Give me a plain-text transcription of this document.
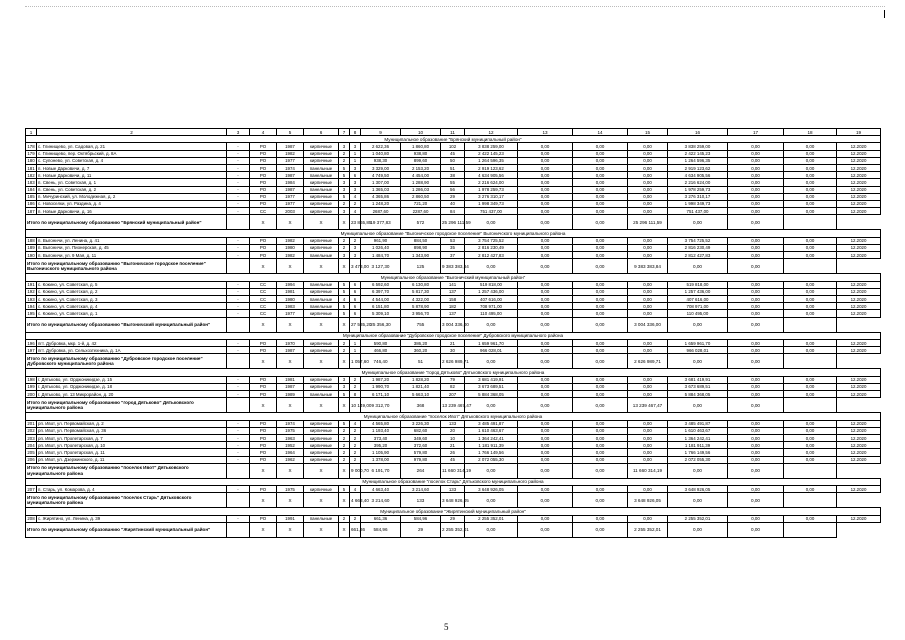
1	2	3	4	5	6	7	8	9	10	11	12	13	14	15	16	17	18	19
Муниципальное образование "Брянский муниципальный район"																		
178	с. Глинищево, ул. Садовая, д. 21	-	РО	1987	кирпичные	3	3	2 622,36	1 860,80	102	3 838 259,00	0,00	0,00	0,00	3 838 259,00	0,00	0,00	12.2020
179	с. Глинищево, пер. Октябрьский, д. 8А	-	РО	1982	кирпичные	2	1	1 040,80	938,80	45	2 422 145,23	0,00	0,00	0,00	2 422 145,23	0,00	0,00	12.2020
180	с. Супонево, ул. Советская, д. 4	-	РО	1977	кирпичные	2	1	938,30	899,60	50	1 264 596,35	0,00	0,00	0,00	1 264 596,35	0,00	0,00	12.2020
181	п. Новые Дарковичи, д. 7	-	РО	1974	панельные	5	3	3 329,00	2 153,20	51	2 919 123,62	0,00	0,00	0,00	2 919 123,62	0,00	0,00	12.2020
182	п. Новые Дарковичи, д. 11	-	РО	1987	панельные	5	6	4 749,50	4 454,00	38	4 634 905,56	0,00	0,00	0,00	4 634 905,56	0,00	0,00	12.2020
183	п. Свень, ул. Советская, д. 1	-	РО	1984	кирпичные	3	3	1 307,00	1 288,90	55	2 216 624,00	0,00	0,00	0,00	2 216 624,00	0,00	0,00	12.2020
184	п. Свень, ул. Советская, д. 2	-	РО	1987	панельные	3	3	1 365,03	1 286,03	56	1 978 259,73	0,00	0,00	0,00	1 978 259,73	0,00	0,00	12.2020
185	п. Мичуринский, ул. Молодежная, д. 2	-	РО	1977	кирпичные	5	4	4 365,86	2 860,50	29	3 276 310,17	0,00	0,00	0,00	3 276 310,17	0,00	0,00	12.2020
186	с. Новоселки, ул. Раздина, д. 4	-	РО	1977	кирпичные	2	2	1 248,20	721,20	40	1 998 349,73	0,00	0,00	0,00	1 998 349,73	0,00	0,00	12.2020
187	п. Новые Дарковичи, д. 16	-	СС	2003	кирпичные	3	4	2687,60	2287,60	84	751 437,00	0,00	0,00	0,00	751 437,00	0,00	0,00	12.2020
Итого по муниципальному образованию "Брянский муниципальный район"			X	X	X	X	23 865,85	19 377,83	572	25 296 111,59	0,00	0,00	0,00	25 296 111,59	0,00	0,00		
Муниципальное образование "Выгоничское городское поселение" Выгоничского муниципального района																		
188	п. Выгоничи, ул. Ленина, д. 41	-	РО	1982	кирпичные	2	2	961,90	884,50	53	3 754 725,52	0,00	0,00	0,00	3 754 725,52	0,00	0,00	12.2020
189	п. Выгоничи, ул. Пионерская, д. 45	-	РО	1980	кирпичные	2	3	1 026,40	898,90	35	2 816 230,49	0,00	0,00	0,00	2 816 230,49	0,00	0,00	12.2020
190	п. Выгоничи, ул. 9 Мая, д. 11	-	РО	1982	панельные	3	3	1 484,70	1 343,90	37	2 812 427,83	0,00	0,00	0,00	2 812 427,83	0,00	0,00	12.2020
Итого по муниципальному образованию "Выгоничское городское поселение" Выгоничского муниципального района			X	X	X	X	3 473,00	3 127,30	125	9 383 383,84	0,00	0,00	0,00	9 383 383,84	0,00	0,00		
Муниципальное образование "Выгоничский муниципальный район"																		
191	с. Кокино, ул. Советская, д. 5	-	СС	1994	панельные	5	6	6 592,60	6 130,80	141	519 818,00	0,00	0,00	0,00	519 818,00	0,00	0,00	12.2020
192	с. Кокино, ул. Советская, д. 2	-	СС	1981	кирпичные	5	6	6 397,70	5 817,30	137	1 257 436,00	0,00	0,00	0,00	1 257 436,00	0,00	0,00	12.2020
193	с. Кокино, ул. Советская, д. 3	-	СС	1980	панельные	4	6	4 544,00	4 322,00	158	407 616,00	0,00	0,00	0,00	407 616,00	0,00	0,00	12.2020
194	с. Кокино, ул. Советская, д. 4	-	СС	1983	панельные	5	6	6 151,80	5 878,90	182	708 971,00	0,00	0,00	0,00	708 971,00	0,00	0,00	12.2020
195	с. Кокино, ул. Советская, д. 1	-	СС	1977	кирпичные	5	6	5 309,10	3 956,70	137	110 495,00	0,00	0,00	0,00	110 495,00	0,00	0,00	12.2020
Итого по муниципальному образованию "Выгоничский муниципальный район"			X	X	X	X	27 535,20	25 356,30	755	3 004 336,00	0,00	0,00	0,00	3 004 336,00	0,00	0,00		
Муниципальное образование "Дубровское городское поселение" Дубровского муниципального района																		
196	пгт. Дубровка, мкр. 1-й, д. 42	-	РО	1970	кирпичные	2	1	590,80	386,20	21	1 659 961,70	0,00	0,00	0,00	1 659 961,70	0,00	0,00	12.2020
197	пгт. Дубровка, ул. Сельхозтехника, д. 1А	-	РО	1987	кирпичные	2	1	466,80	360,20	30	966 028,01	0,00	0,00	0,00	966 028,01	0,00	0,00	12.2020
Итого по муниципальному образованию "Дубровское городское поселение" Дубровского муниципального района			X	X	X	X	1 057,60	746,40	51	2 626 989,71	0,00	0,00	0,00	2 626 989,71	0,00	0,00		
Муниципальное образование "город Дятьково" Дятьковского муниципального района																		
198	г. Дятьково, ул. Орджоникидзе, д. 15	-	РО	1981	кирпичные	3	2	1 987,20	1 828,20	79	3 681 419,91	0,00	0,00	0,00	3 681 419,91	0,00	0,00	12.2020
199	г. Дятьково, ул. Орджоникидзе, д. 18	-	РО	1987	кирпичные	3	2	1 990,70	1 821,40	82	3 673 689,51	0,00	0,00	0,00	3 673 689,51	0,00	0,00	12.2020
200	г. Дятьково, ул. 13 Микрорайон, д. 20	-	РО	1989	панельные	5	8	6 171,10	5 663,10	207	5 884 368,05	0,00	0,00	0,00	5 884 368,05	0,00	0,00	12.2020
Итого по муниципальному образованию "город Дятьково" Дятьковского муниципального района			X	X	X	X	10 149,00	9 312,70	368	13 239 467,47	0,00	0,00	0,00	13 239 467,47	0,00	0,00		
Муниципальное образование "поселок Ивот" Дятьковского муниципального района																		
201	рп. Ивот, ул. Первомайская, д. 2	-	РО	1974	кирпичные	5	4	4 565,80	3 226,30	133	3 485 491,87	0,00	0,00	0,00	3 485 491,87	0,00	0,00	12.2020
202	рп. Ивот, ул. Первомайская, д. 36	-	РО	1975	кирпичные	2	2	1 193,40	682,60	20	1 610 463,67	0,00	0,00	0,00	1 610 463,67	0,00	0,00	12.2020
203	рп. Ивот, ул. Пролетарская, д. 7	-	РО	1963	кирпичные	2	2	373,40	349,60	10	1 364 242,41	0,00	0,00	0,00	1 364 242,41	0,00	0,00	12.2020
204	рп. Ивот, ул. Пролетарская, д. 10	-	РО	1952	кирпичные	2	2	395,20	372,60	21	1 181 911,39	0,00	0,00	0,00	1 181 911,39	0,00	0,00	12.2020
205	рп. Ивот, ул. Пролетарская, д. 11	-	РО	1964	кирпичные	2	2	1 105,90	579,80	26	1 766 149,56	0,00	0,00	0,00	1 766 149,56	0,00	0,00	12.2020
206	рп. Ивот, ул. Дзержинского, д. 11	-	РО	1962	кирпичные	2	2	1 378,00	979,80	45	2 072 055,30	0,00	0,00	0,00	2 072 055,30	0,00	0,00	12.2020
Итого по муниципальному образованию "поселок Ивот" Дятьковского муниципального района			X	X	X	X	9 000,70	6 191,70	264	11 660 314,19	0,00	0,00	0,00	11 660 314,19	0,00	0,00		
Муниципальное образование "поселок Старь" Дятьковского муниципального района																		
207	п. Старь, ул. Комарова, д. 4	-	РО	1975	кирпичные	5	4	4 663,40	3 214,60	133	3 648 926,05	0,00	0,00	0,00	3 648 926,05	0,00	0,00	12.2020
Итого по муниципальному образованию "поселок Старь" Дятьковского муниципального района			X	X	X	X	4 663,40	3 214,60	133	3 648 926,05	0,00	0,00	0,00	3 648 926,05	0,00	0,00		
Муниципальное образование "Жирятинский муниципальный район"																		
208	с. Жирятино, ул. Ленина, д. 39	-	РО	1991	панельные	2	2	661,36	584,96	29	2 255 352,01	0,00	0,00	0,00	2 255 352,01	0,00	0,00	12.2020
Итого по муниципальному образованию "Жирятинский муниципальный район"			X	X	X	X	661,36	584,96	29	2 255 352,01	0,00	0,00	0,00	2 255 352,01	0,00	0,00		
5
